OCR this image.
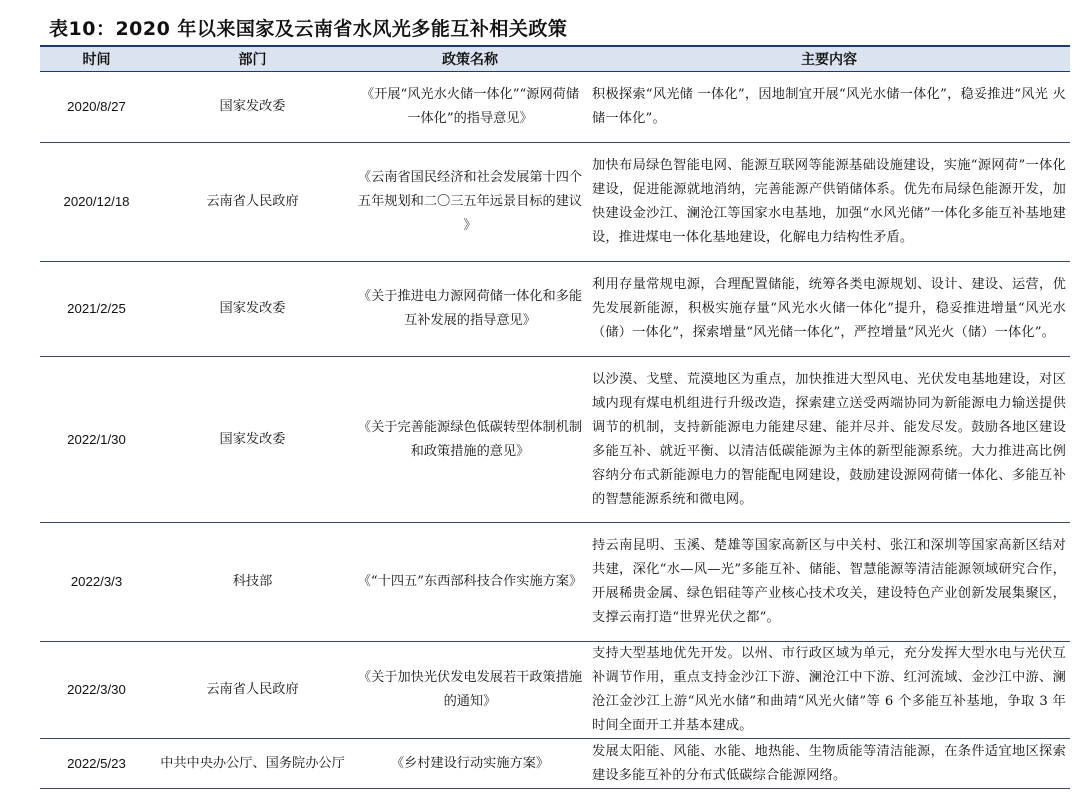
表10：2020 年以来国家及云南省水风光多能互补相关政策
时间	部门	政策名称	主要内容
2020/8/27	国家发改委	《开展“风光水火储一体化”“源网荷储一体化”的指导意见》	积极探索“风光储 一体化”，因地制宜开展“风光水储一体化”，稳妥推进“风光 火储一体化”。
2020/12/18	云南省人民政府	《云南省国民经济和社会发展第十四个五年规划和二〇三五年远景目标的建议 》	加快布局绿色智能电网、能源互联网等能源基础设施建设，实施“源网荷”一体化建设，促进能源就地消纳，完善能源产供销储体系。优先布局绿色能源开发，加快建设金沙江、澜沧江等国家水电基地，加强“水风光储”一体化多能互补基地建设，推进煤电一体化基地建设，化解电力结构性矛盾。
2021/2/25	国家发改委	《关于推进电力源网荷储一体化和多能互补发展的指导意见》	利用存量常规电源，合理配置储能，统筹各类电源规划、设计、建设、运营，优先发展新能源，积极实施存量“风光水火储一体化”提升，稳妥推进增量“风光水（储）一体化”，探索增量“风光储一体化”，严控增量“风光火（储）一体化”。
2022/1/30	国家发改委	《关于完善能源绿色低碳转型体制机制和政策措施的意见》	以沙漠、戈壁、荒漠地区为重点，加快推进大型风电、光伏发电基地建设，对区域内现有煤电机组进行升级改造，探索建立送受两端协同为新能源电力输送提供调节的机制，支持新能源电力能建尽建、能并尽并、能发尽发。鼓励各地区建设多能互补、就近平衡、以清洁低碳能源为主体的新型能源系统。大力推进高比例容纳分布式新能源电力的智能配电网建设，鼓励建设源网荷储一体化、多能互补的智慧能源系统和微电网。
2022/3/3	科技部	《“十四五”东西部科技合作实施方案》	持云南昆明、玉溪、楚雄等国家高新区与中关村、张江和深圳等国家高新区结对共建，深化“水—风—光”多能互补、储能、智慧能源等清洁能源领域研究合作，开展稀贵金属、绿色铝硅等产业核心技术攻关，建设特色产业创新发展集聚区，支撑云南打造“世界光伏之都”。
2022/3/30	云南省人民政府	《关于加快光伏发电发展若干政策措施的通知》	支持大型基地优先开发。以州、市行政区域为单元，充分发挥大型水电与光伏互补调节作用，重点支持金沙江下游、澜沧江中下游、红河流域、金沙江中游、澜沧江金沙江上游“风光水储”和曲靖“风光火储”等 6 个多能互补基地，争取 3 年时间全面开工并基本建成。
2022/5/23	中共中央办公厅、国务院办公厅	《乡村建设行动实施方案》	发展太阳能、风能、水能、地热能、生物质能等清洁能源，在条件适宜地区探索建设多能互补的分布式低碳综合能源网络。
